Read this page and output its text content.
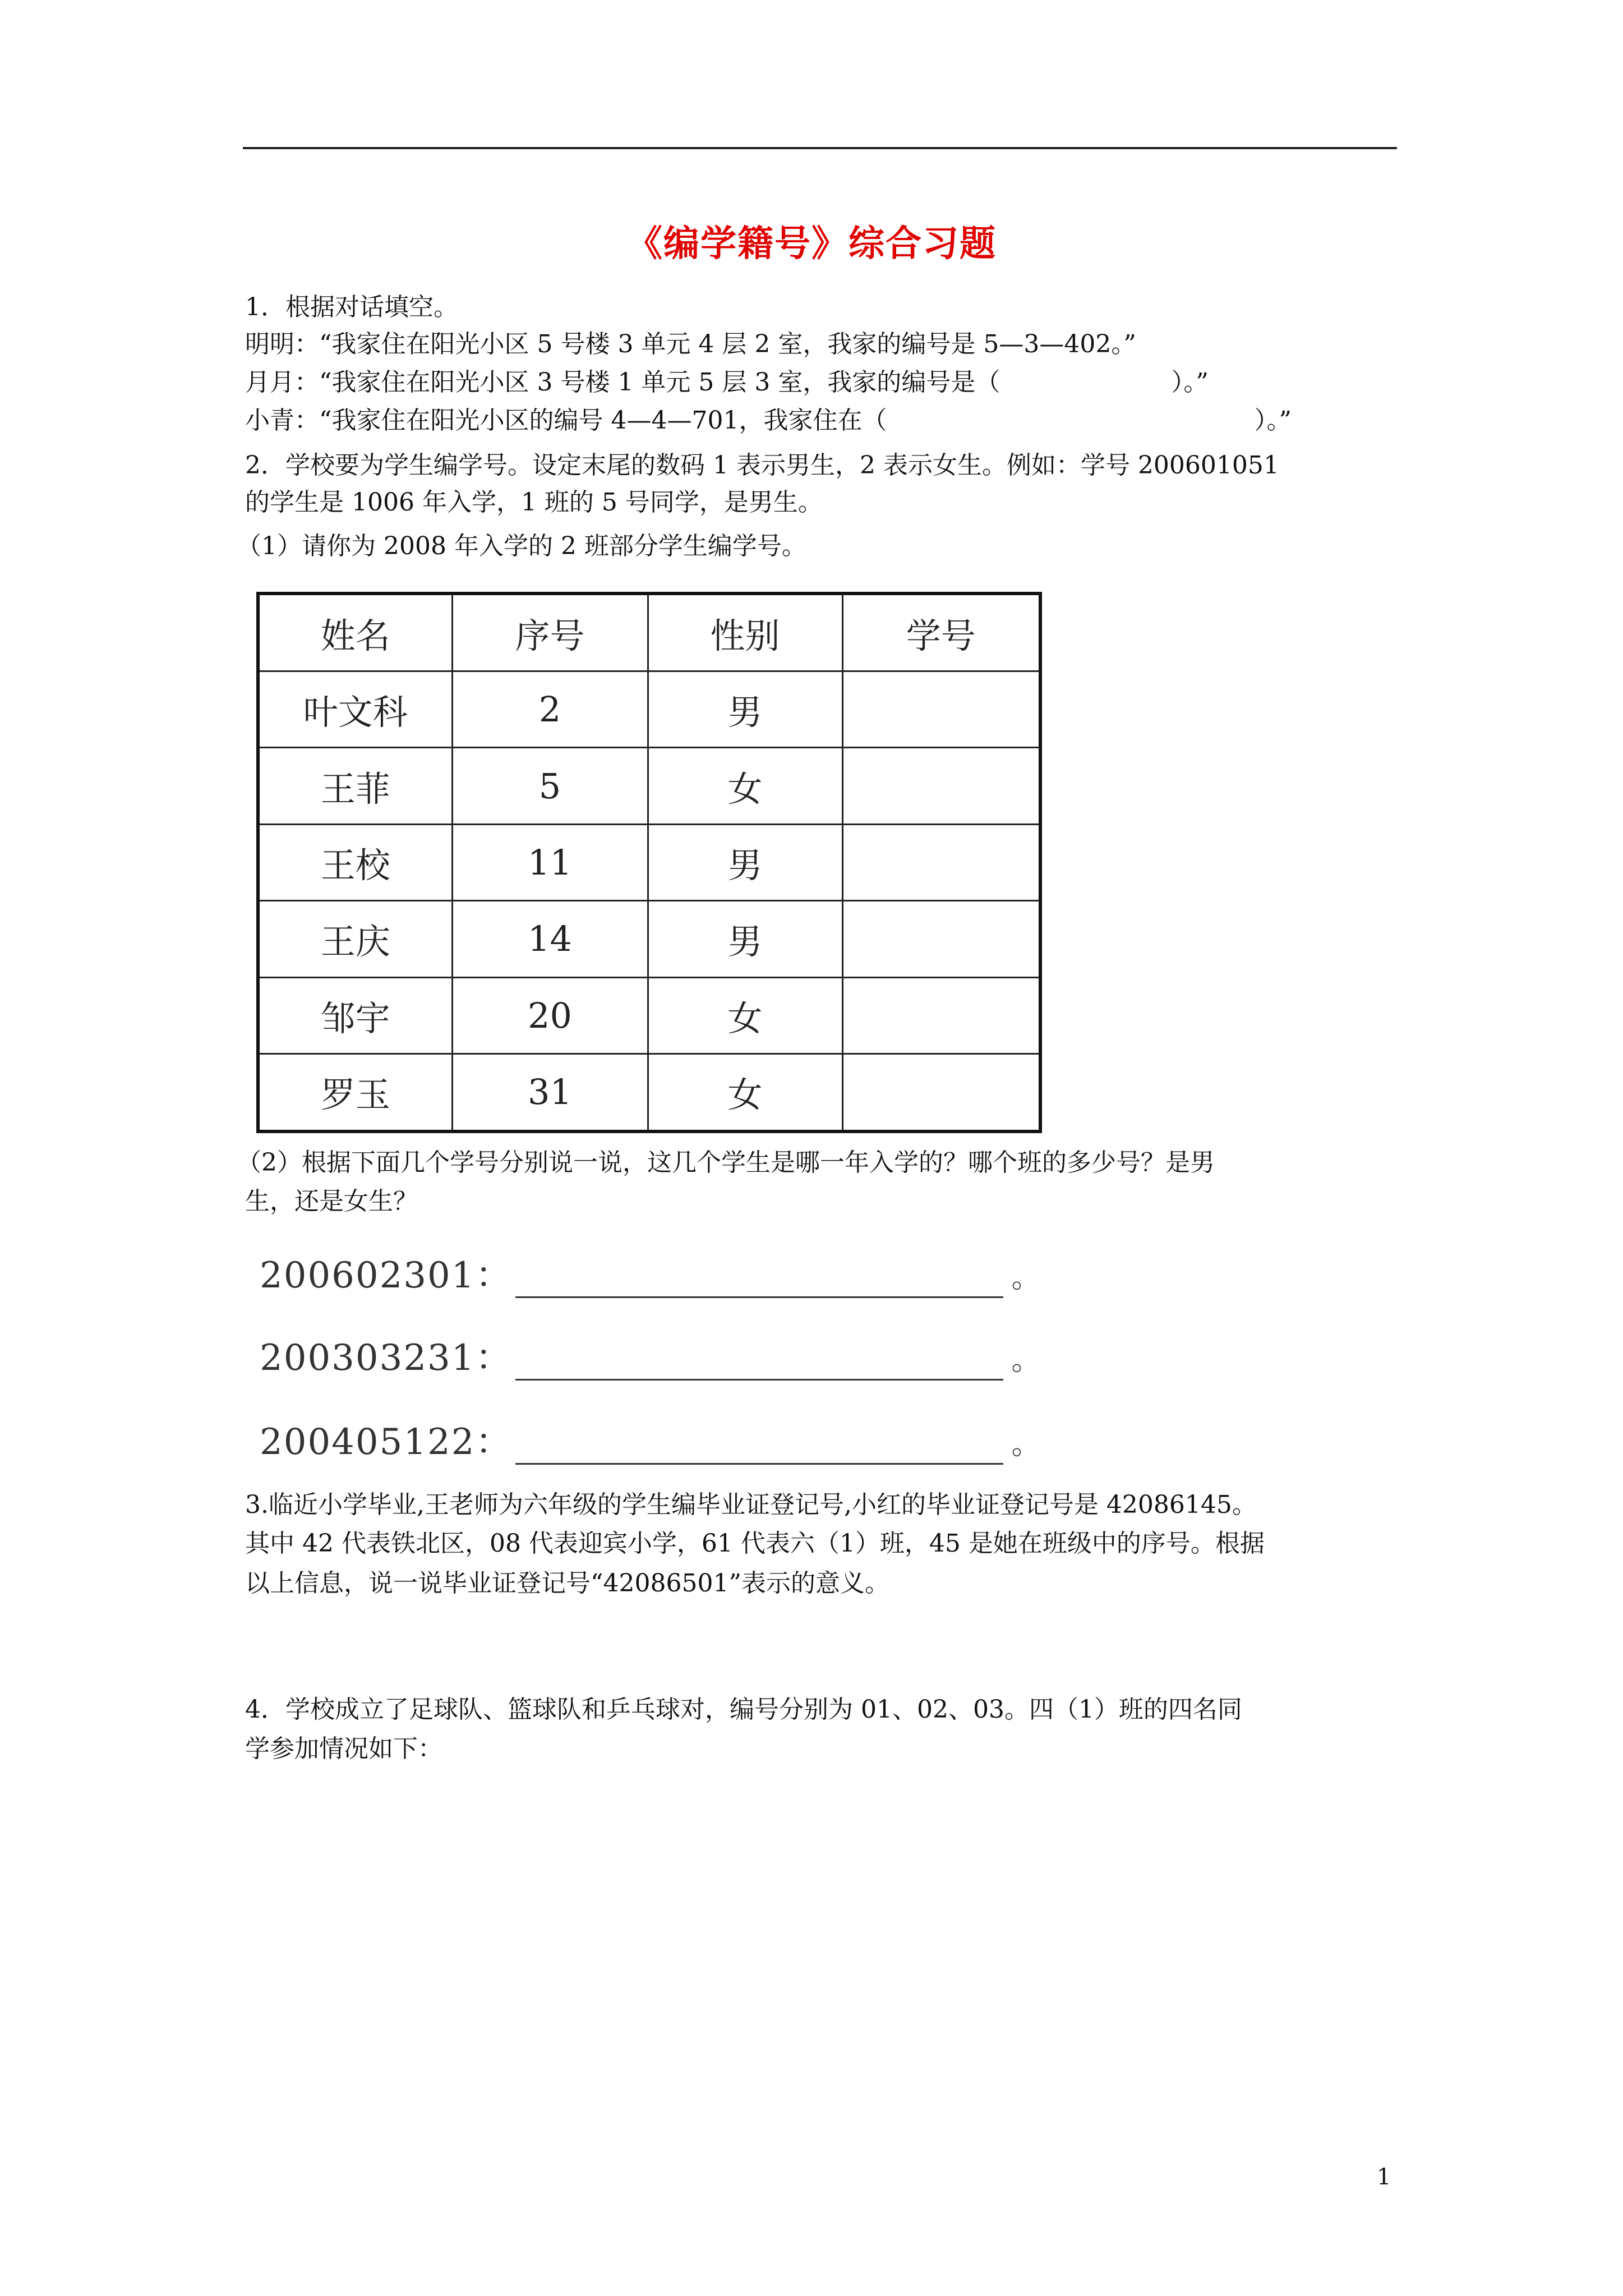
《编学籍号》综合习题
1．根据对话填空。
明明：“我家住在阳光小区 5 号楼 3 单元 4 层 2 室，我家的编号是 5—3—402。”
月月：“我家住在阳光小区 3 号楼 1 单元 5 层 3 室，我家的编号是（	）。”
小青：“我家住在阳光小区的编号 4—4—701，我家住在（	）。”
2．学校要为学生编学号。设定末尾的数码 1 表示男生，2 表示女生。例如：学号 200601051
的学生是 1006 年入学，1 班的 5 号同学，是男生。
（1）请你为 2008 年入学的 2 班部分学生编学号。
姓名	序号	性别	学号
叶文科	2	男	
王菲	5	女	
王校	11	男	
王庆	14	男	
邹宇	20	女	
罗玉	31	女	
（2）根据下面几个学号分别说一说，这几个学生是哪一年入学的？哪个班的多少号？是男
生，还是女生？
200602301：	。
200303231：	。
200405122：	。
3.临近小学毕业,王老师为六年级的学生编毕业证登记号,小红的毕业证登记号是 42086145。
其中 42 代表铁北区，08 代表迎宾小学，61 代表六（1）班，45 是她在班级中的序号。根据
以上信息，说一说毕业证登记号“42086501”表示的意义。
4．学校成立了足球队、篮球队和乒乓球对，编号分别为 01、02、03。四（1）班的四名同
学参加情况如下：
1
